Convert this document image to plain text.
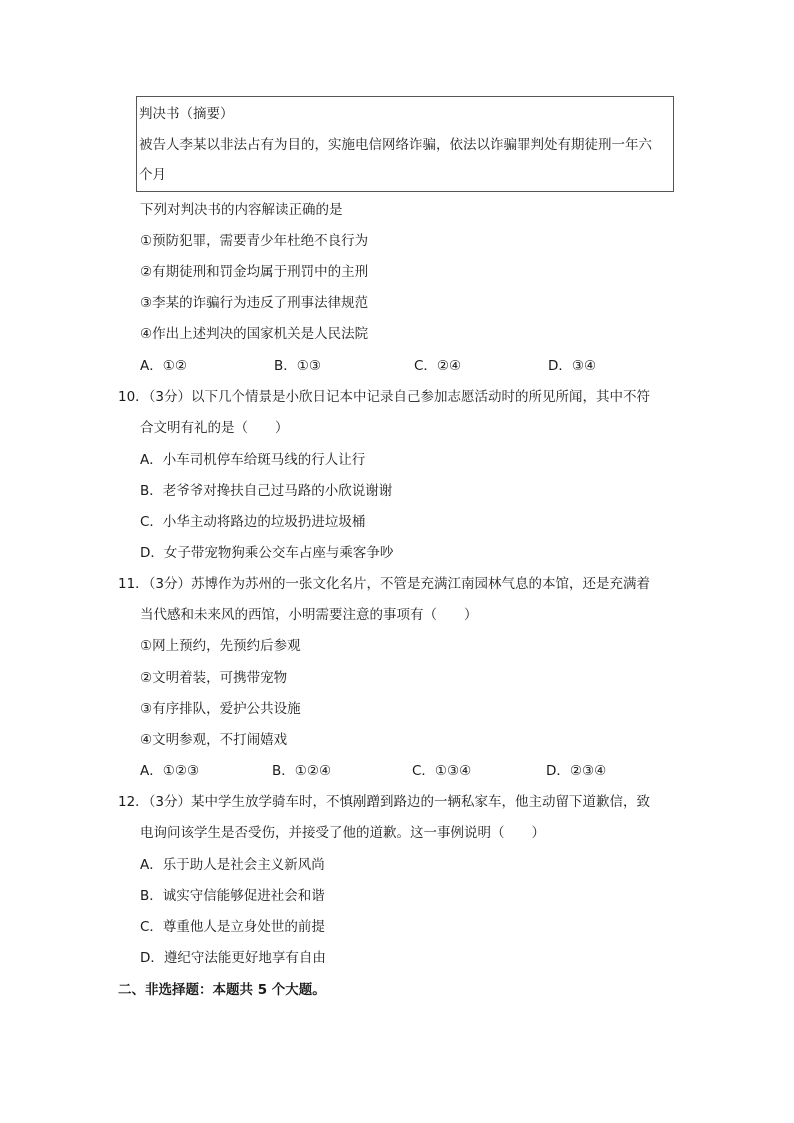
判决书（摘要）
被告人李某以非法占有为目的，实施电信网络诈骗，依法以诈骗罪判处有期徒刑一年六
个月
下列对判决书的内容解读正确的是
①预防犯罪，需要青少年杜绝不良行为
②有期徒刑和罚金均属于刑罚中的主刑
③李某的诈骗行为违反了刑事法律规范
④作出上述判决的国家机关是人民法院
A．①②	B．①③	C．②④	D．③④
10．（3分）以下几个情景是小欣日记本中记录自己参加志愿活动时的所见所闻，其中不符
合文明有礼的是（　　）
A．小车司机停车给斑马线的行人让行
B．老爷爷对搀扶自己过马路的小欣说谢谢
C．小华主动将路边的垃圾扔进垃圾桶
D．女子带宠物狗乘公交车占座与乘客争吵
11．（3分）苏博作为苏州的一张文化名片，不管是充满江南园林气息的本馆，还是充满着
当代感和未来风的西馆，小明需要注意的事项有（　　）
①网上预约，先预约后参观
②文明着装，可携带宠物
③有序排队，爱护公共设施
④文明参观，不打闹嬉戏
A．①②③	B．①②④	C．①③④	D．②③④
12．（3分）某中学生放学骑车时，不慎剐蹭到路边的一辆私家车，他主动留下道歉信，致
电询问该学生是否受伤，并接受了他的道歉。这一事例说明（　　）
A．乐于助人是社会主义新风尚
B．诚实守信能够促进社会和谐
C．尊重他人是立身处世的前提
D．遵纪守法能更好地享有自由
二、非选择题：本题共 5 个大题。
